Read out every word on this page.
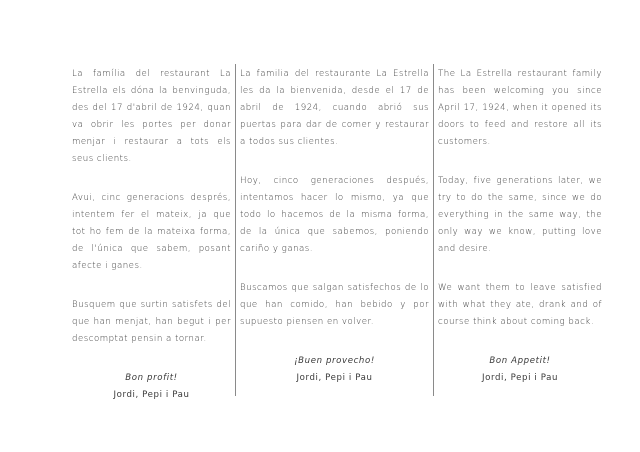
La família del restaurant La Estrella els dóna la benvinguda, des del 17 d'abril de 1924, quan va obrir les portes per donar menjar i restaurar a tots els seus clients.

Avui, cinc generacions després, intentem fer el mateix, ja que tot ho fem de la mateixa forma, de l'única que sabem, posant afecte i ganes.

Busquem que surtin satisfets del que han menjat, han begut i per descomptat pensin a tornar.

Bon profit!
Jordi, Pepi i Pau

La familia del restaurante La Estrella les da la bienvenida, desde el 17 de abril de 1924, cuando abrió sus puertas para dar de comer y restaurar a todos sus clientes.

Hoy, cinco generaciones después, intentamos hacer lo mismo, ya que todo lo hacemos de la misma forma, de la única que sabemos, poniendo cariño y ganas.

Buscamos que salgan satisfechos de lo que han comido, han bebido y por supuesto piensen en volver.

¡Buen provecho!
Jordi, Pepi i Pau

The La Estrella restaurant family has been welcoming you since April 17, 1924, when it opened its doors to feed and restore all its customers.

Today, five generations later, we try to do the same, since we do everything in the same way, the only way we know, putting love and desire.

We want them to leave satisfied with what they ate, drank and of course think about coming back.

Bon Appetit!
Jordi, Pepi i Pau
